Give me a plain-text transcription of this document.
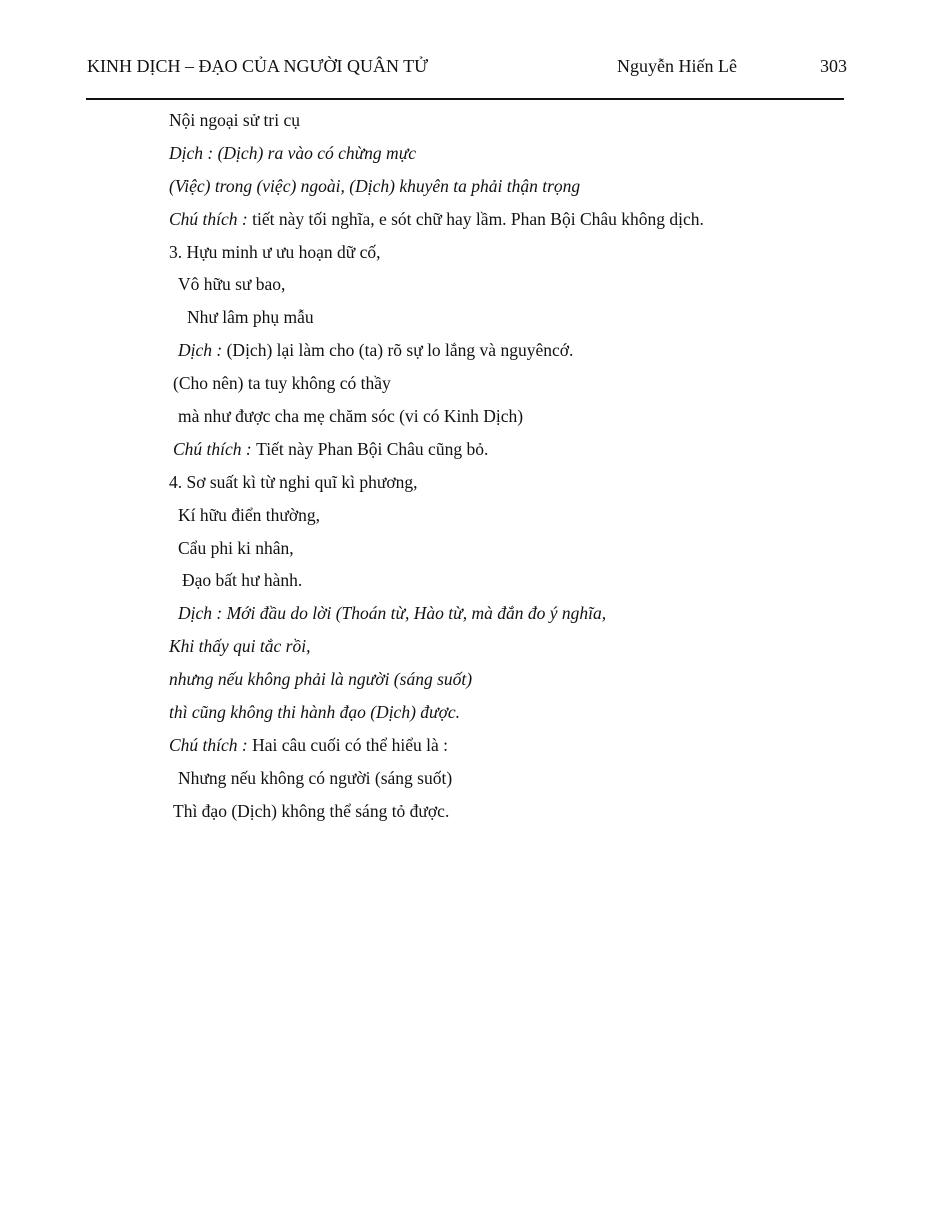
KINH DỊCH – ĐẠO CỦA NGƯỜI QUÂN TỬ	Nguyễn Hiến Lê	303
Nội ngoại sử tri cụ
Dịch : (Dịch) ra vào có chừng mực
(Việc) trong (việc) ngoài, (Dịch) khuyên ta phải thận trọng
Chú thích : tiết này tối nghĩa, e sót chữ hay lầm. Phan Bội Châu không dịch.
3. Hựu minh ư ưu hoạn dữ cố,
Vô hữu sư bao,
Như lâm phụ mẫu
Dịch : (Dịch) lại làm cho (ta) rõ sự lo lắng và nguyêncớ.
(Cho nên) ta tuy không có thầy
mà như được cha mẹ chăm sóc (vi có Kinh Dịch)
Chú thích : Tiết này Phan Bội Châu cũng bỏ.
4. Sơ suất kì từ nghi quĩ kì phương,
Kí hữu điển thường,
Cẩu phi ki nhân,
Đạo bất hư hành.
Dịch : Mới đầu do lời (Thoán từ, Hào từ, mà đắn đo ý nghĩa,
Khi thấy qui tắc rồi,
nhưng nếu không phải là người (sáng suốt)
thì cũng không thi hành đạo (Dịch) được.
Chú thích : Hai câu cuối có thể hiểu là :
Nhưng nếu không có người (sáng suốt)
Thì đạo (Dịch) không thể sáng tỏ được.
